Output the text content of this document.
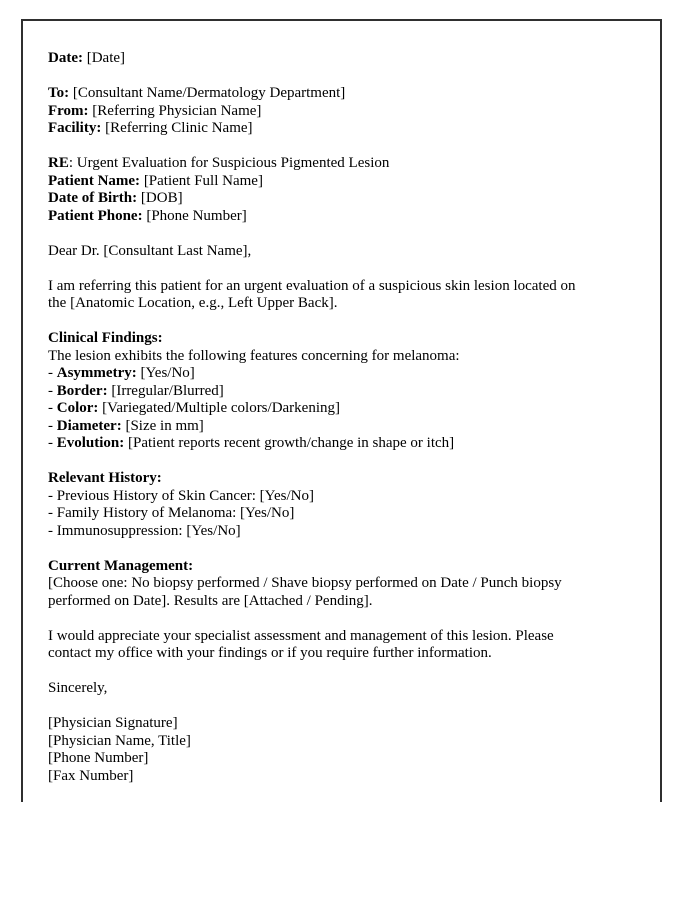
Date: [Date]
To: [Consultant Name/Dermatology Department]
From: [Referring Physician Name]
Facility: [Referring Clinic Name]
RE: Urgent Evaluation for Suspicious Pigmented Lesion
Patient Name: [Patient Full Name]
Date of Birth: [DOB]
Patient Phone: [Phone Number]
Dear Dr. [Consultant Last Name],
I am referring this patient for an urgent evaluation of a suspicious skin lesion located on
the [Anatomic Location, e.g., Left Upper Back].
Clinical Findings:
The lesion exhibits the following features concerning for melanoma:
- Asymmetry: [Yes/No]
- Border: [Irregular/Blurred]
- Color: [Variegated/Multiple colors/Darkening]
- Diameter: [Size in mm]
- Evolution: [Patient reports recent growth/change in shape or itch]
Relevant History:
- Previous History of Skin Cancer: [Yes/No]
- Family History of Melanoma: [Yes/No]
- Immunosuppression: [Yes/No]
Current Management:
[Choose one: No biopsy performed / Shave biopsy performed on Date / Punch biopsy
performed on Date]. Results are [Attached / Pending].
I would appreciate your specialist assessment and management of this lesion. Please
contact my office with your findings or if you require further information.
Sincerely,
[Physician Signature]
[Physician Name, Title]
[Phone Number]
[Fax Number]
